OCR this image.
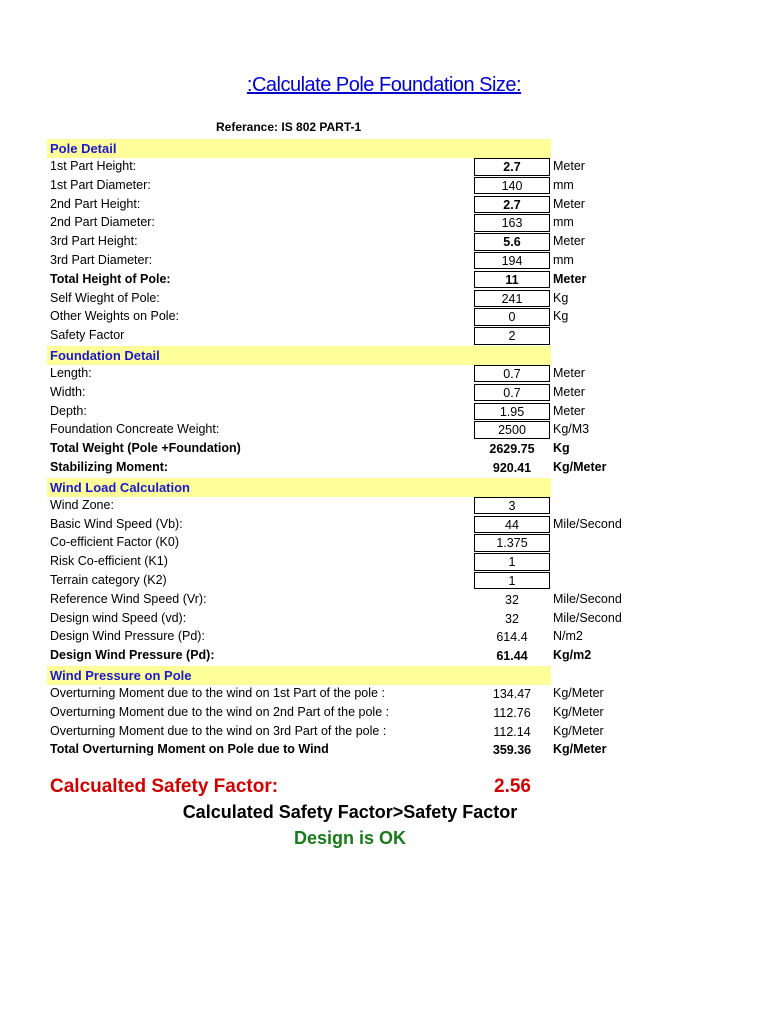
:Calculate Pole Foundation Size:
Referance: IS 802 PART-1
Pole Detail
1st Part Height:	2.7	Meter
1st Part Diameter:	140	mm
2nd Part Height:	2.7	Meter
2nd Part Diameter:	163	mm
3rd Part Height:	5.6	Meter
3rd Part Diameter:	194	mm
Total Height of Pole:	11	Meter
Self Wieght of Pole:	241	Kg
Other Weights on Pole:	0	Kg
Safety Factor	2
Foundation Detail
Length:	0.7	Meter
Width:	0.7	Meter
Depth:	1.95	Meter
Foundation Concreate Weight:	2500	Kg/M3
Total Weight (Pole +Foundation)	2629.75	Kg
Stabilizing Moment:	920.41	Kg/Meter
Wind Load Calculation
Wind Zone:	3
Basic Wind Speed (Vb):	44	Mile/Second
Co-efficient Factor (K0)	1.375
Risk Co-efficient (K1)	1
Terrain category (K2)	1
Reference Wind Speed (Vr):	32	Mile/Second
Design wind Speed (vd):	32	Mile/Second
Design Wind Pressure (Pd):	614.4	N/m2
Design Wind Pressure (Pd):	61.44	Kg/m2
Wind Pressure on Pole
Overturning Moment due to the wind on 1st Part of the pole :	134.47	Kg/Meter
Overturning Moment due to the wind on 2nd Part of the pole :	112.76	Kg/Meter
Overturning Moment due to the wind on 3rd Part of the pole :	112.14	Kg/Meter
Total Overturning Moment on Pole due to Wind	359.36	Kg/Meter
Calcualted Safety Factor:	2.56
Calculated Safety Factor>Safety Factor
Design is OK
